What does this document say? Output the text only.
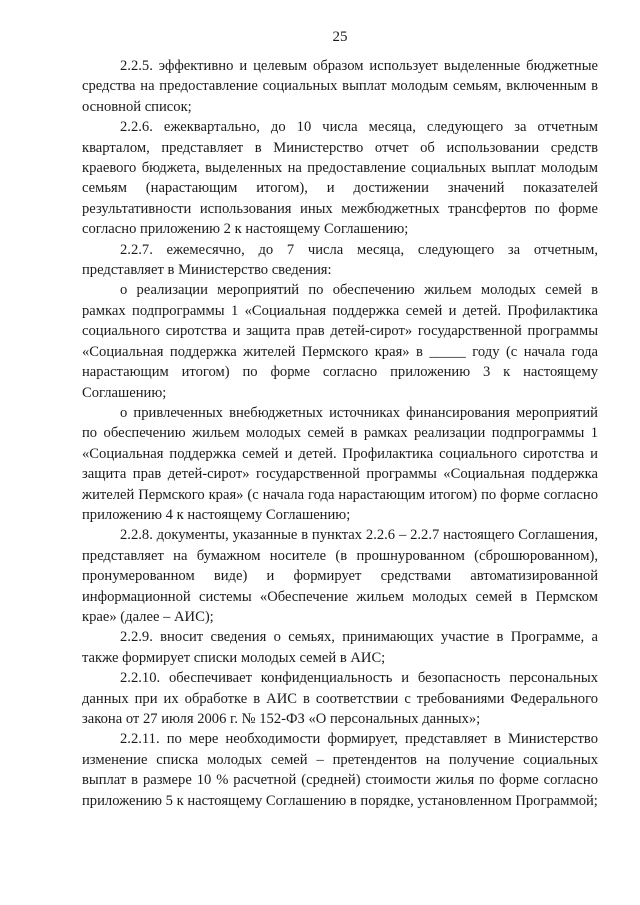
25

2.2.5. эффективно и целевым образом использует выделенные бюджетные средства на предоставление социальных выплат молодым семьям, включенным в основной список;

2.2.6. ежеквартально, до 10 числа месяца, следующего за отчетным кварталом, представляет в Министерство отчет об использовании средств краевого бюджета, выделенных на предоставление социальных выплат молодым семьям (нарастающим итогом), и достижении значений показателей результативности использования иных межбюджетных трансфертов по форме согласно приложению 2 к настоящему Соглашению;

2.2.7. ежемесячно, до 7 числа месяца, следующего за отчетным, представляет в Министерство сведения:

о реализации мероприятий по обеспечению жильем молодых семей в рамках подпрограммы 1 «Социальная поддержка семей и детей. Профилактика социального сиротства и защита прав детей-сирот» государственной программы «Социальная поддержка жителей Пермского края» в _____ году (с начала года нарастающим итогом) по форме согласно приложению 3 к настоящему Соглашению;

о привлеченных внебюджетных источниках финансирования мероприятий по обеспечению жильем молодых семей в рамках реализации подпрограммы 1 «Социальная поддержка семей и детей. Профилактика социального сиротства и защита прав детей-сирот» государственной программы «Социальная поддержка жителей Пермского края» (с начала года нарастающим итогом) по форме согласно приложению 4 к настоящему Соглашению;

2.2.8. документы, указанные в пунктах 2.2.6 – 2.2.7 настоящего Соглашения, представляет на бумажном носителе (в прошнурованном (сброшюрованном), пронумерованном виде) и формирует средствами автоматизированной информационной системы «Обеспечение жильем молодых семей в Пермском крае» (далее – АИС);

2.2.9. вносит сведения о семьях, принимающих участие в Программе, а также формирует списки молодых семей в АИС;

2.2.10. обеспечивает конфиденциальность и безопасность персональных данных при их обработке в АИС в соответствии с требованиями Федерального закона от 27 июля 2006 г. № 152-ФЗ «О персональных данных»;

2.2.11. по мере необходимости формирует, представляет в Министерство изменение списка молодых семей – претендентов на получение социальных выплат в размере 10 % расчетной (средней) стоимости жилья по форме согласно приложению 5 к настоящему Соглашению в порядке, установленном Программой;
